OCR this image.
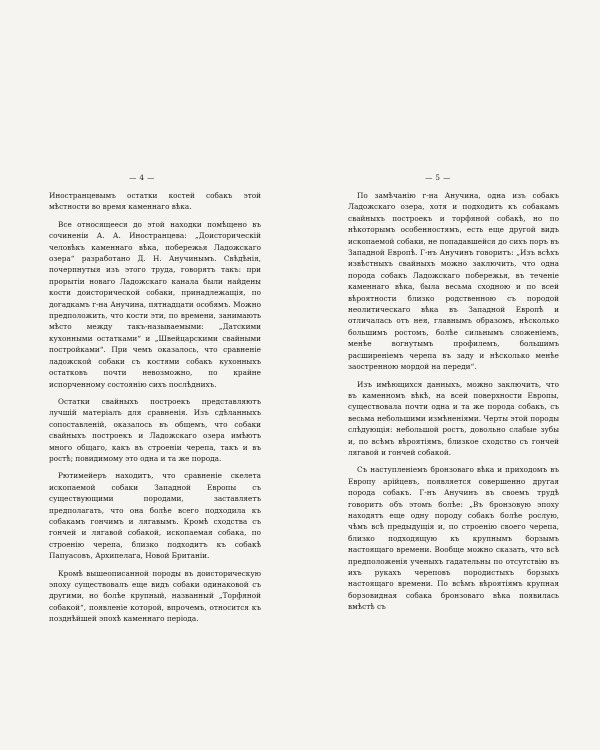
— 4 —

Иностранцевымъ остатки костей собакъ этой мѣстности во время каменнаго вѣка.

Все относящееся до этой находки помѣщено въ сочиненіи А. А. Иностранцева: „Доисторическій человѣкъ каменнаго вѣка, побережья Ладожскаго озера“ разработано Д. Н. Анучинымъ. Свѣдѣнія, почерпнутыя изъ этого труда, говорятъ такъ: при прорытіи новаго Ладожскаго канала были найдены кости доисторической собаки, принадлежащія, по догадкамъ г-на Анучина, пятнадцати особямъ. Можно предположить, что кости эти, по времени, занимають мѣсто между такъ-называемыми: „Датскими кухонными остатками“ и „Швейцарскими свайными постройками“. При чемъ оказалось, что сравненіе ладожской собаки съ костями собакъ кухонныхъ остатковъ почти невозможно, по крайне испорченному состоянію сихъ послѣднихъ.

Остатки свайныхъ построекъ представляютъ лучшій матеріалъ для сравненія. Изъ сдѣланныхъ сопоставленій, оказалось въ общемъ, что собаки свайныхъ построекъ и Ладожскаго озера имѣютъ много общаго, какъ въ строеніи черепа, такъ и въ ростѣ; повидимому это одна и та же порода.

Рютимейеръ находитъ, что сравненіе скелета ископаемой собаки Западной Европы съ существующими породами, заставляетъ предполагать, что она болѣе всего подходила къ собакамъ гончимъ и лягавымъ. Кромѣ сходства съ гончей и лягавой собакой, ископаемая собака, по строенію черепа, близко подходитъ къ собакѣ Папуасовъ, Архипелага, Новой Британіи.

Кромѣ вышеописанной породы въ доисторическую эпоху существовалъ еще видъ собаки одинаковой съ другими, но болѣе крупный, названный „Торфяной собакой“, появленіе которой, впрочемъ, относится къ позднѣйшей эпохѣ каменнаго періода.

— 5 —

По замѣчанію г-на Анучина, одна изъ собакъ Ладожскаго озера, хотя и подходитъ къ собакамъ свайныхъ построекъ и торфяной собакѣ, но по нѣкоторымъ особенностямъ, есть еще другой видъ ископаемой собаки, не попадавшейся до сихъ поръ въ Западной Европѣ. Г-нъ Анучинъ говоритъ: „Изъ всѣхъ извѣстныхъ свайныхъ можно заключить, что одна порода собакъ Ладожскаго побережья, въ теченіе каменнаго вѣка, была весьма сходною и по всей вѣроятности близко родственною съ породой неолитическаго вѣка въ Западной Европѣ и отличалась отъ нея, главнымъ образомъ, нѣсколько большимъ ростомъ, болѣе сильнымъ сложеніемъ, менѣе вогнутымъ профилемъ, большимъ расширеніемъ черепа въ заду и нѣсколько менѣе заостренною мордой на переди“.

Изъ имѣющихся данныхъ, можно заключить, что въ каменномъ вѣкѣ, на всей поверхности Европы, существовала почти одна и та же порода собакъ, съ весьма небольшими измѣненіями. Черты этой породы слѣдующія: небольшой ростъ, довольно слабые зубы и, по всѣмъ вѣроятіямъ, близкое сходство съ гончей лягавой и гончей собакой.

Съ наступленіемъ бронзоваго вѣка и приходомъ въ Европу арійцевъ, появляется совершенно другая порода собакъ. Г-нъ Анучинъ въ своемъ трудѣ говоритъ объ этомъ болѣе: „Въ бронзовую эпоху находятъ еще одну породу собакъ болѣе рослую, чѣмъ всѣ предыдущія и, по строенію своего черепа, близко подходящую къ крупнымъ борзымъ настоящаго времени. Вообще можно сказать, что всѣ предположенія ученыхъ гадательны по отсутствію въ ихъ рукахъ череповъ породистыхъ борзыхъ настоящаго времени. По всѣмъ вѣроятіямъ крупная борзовидная собака бронзоваго вѣка появилась вмѣстѣ съ
